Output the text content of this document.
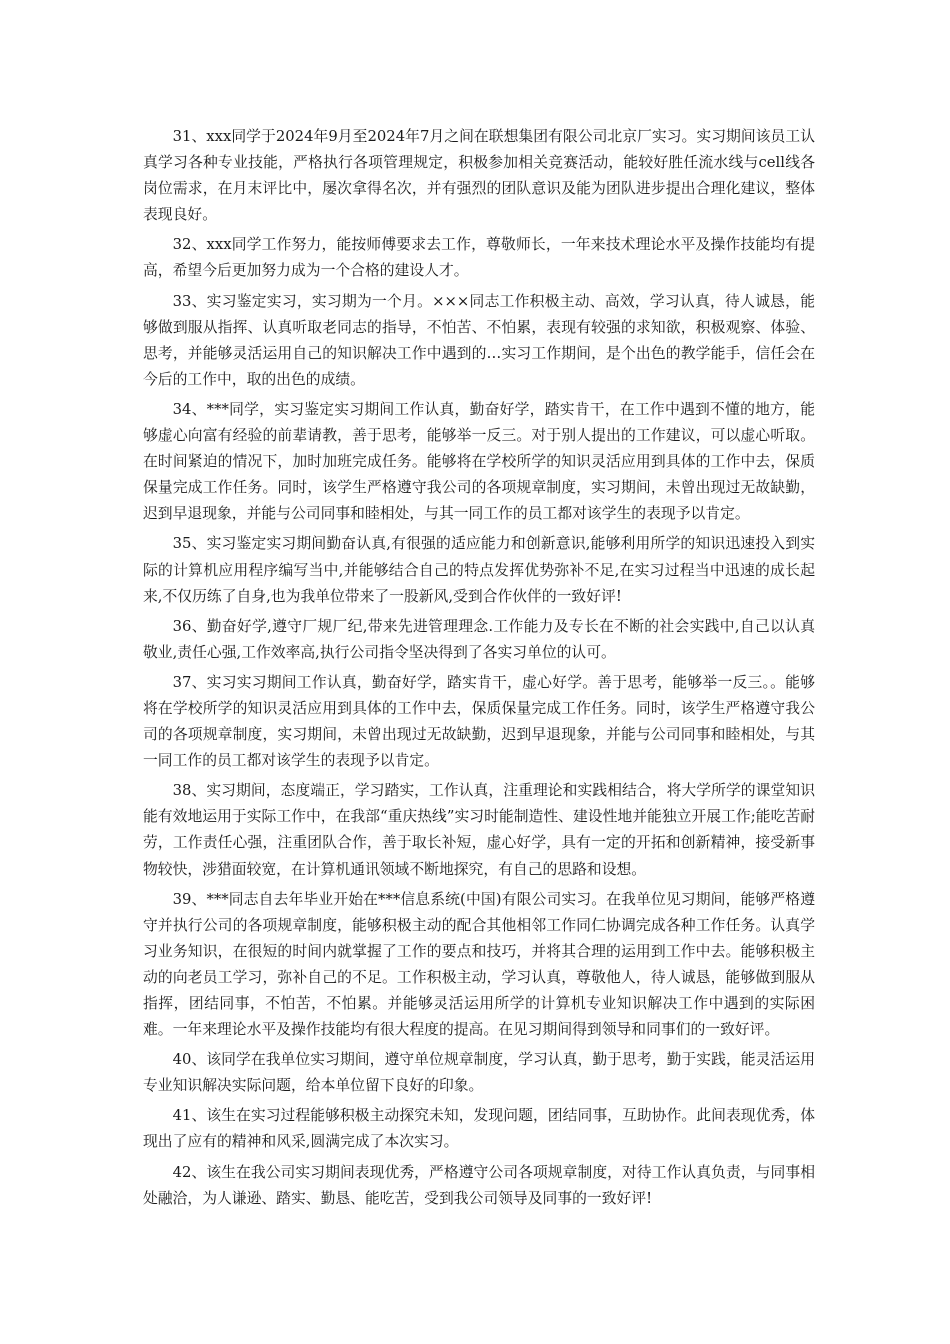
31、xxx同学于2024年9月至2024年7月之间在联想集团有限公司北京厂实习。实习期间该员工认真学习各种专业技能，严格执行各项管理规定，积极参加相关竞赛活动，能较好胜任流水线与cell线各岗位需求，在月末评比中，屡次拿得名次，并有强烈的团队意识及能为团队进步提出合理化建议，整体表现良好。

32、xxx同学工作努力，能按师傅要求去工作，尊敬师长，一年来技术理论水平及操作技能均有提高，希望今后更加努力成为一个合格的建设人才。

33、实习鉴定实习，实习期为一个月。×××同志工作积极主动、高效，学习认真，待人诚恳，能够做到服从指挥、认真听取老同志的指导，不怕苦、不怕累，表现有较强的求知欲，积极观察、体验、思考，并能够灵活运用自己的知识解决工作中遇到的…实习工作期间，是个出色的教学能手，信任会在今后的工作中，取的出色的成绩。

34、***同学，实习鉴定实习期间工作认真，勤奋好学，踏实肯干，在工作中遇到不懂的地方，能够虚心向富有经验的前辈请教，善于思考，能够举一反三。对于别人提出的工作建议，可以虚心听取。在时间紧迫的情况下，加时加班完成任务。能够将在学校所学的知识灵活应用到具体的工作中去，保质保量完成工作任务。同时，该学生严格遵守我公司的各项规章制度，实习期间，未曾出现过无故缺勤，迟到早退现象，并能与公司同事和睦相处，与其一同工作的员工都对该学生的表现予以肯定。

35、实习鉴定实习期间勤奋认真,有很强的适应能力和创新意识,能够利用所学的知识迅速投入到实际的计算机应用程序编写当中,并能够结合自己的特点发挥优势弥补不足,在实习过程当中迅速的成长起来,不仅历练了自身,也为我单位带来了一股新风,受到合作伙伴的一致好评!

36、勤奋好学,遵守厂规厂纪,带来先进管理理念.工作能力及专长在不断的社会实践中,自己以认真敬业,责任心强,工作效率高,执行公司指令坚决得到了各实习单位的认可。

37、实习实习期间工作认真，勤奋好学，踏实肯干，虚心好学。善于思考，能够举一反三。。能够将在学校所学的知识灵活应用到具体的工作中去，保质保量完成工作任务。同时，该学生严格遵守我公司的各项规章制度，实习期间，未曾出现过无故缺勤，迟到早退现象，并能与公司同事和睦相处，与其一同工作的员工都对该学生的表现予以肯定。

38、实习期间，态度端正，学习踏实，工作认真，注重理论和实践相结合，将大学所学的课堂知识能有效地运用于实际工作中，在我部“重庆热线”实习时能制造性、建设性地并能独立开展工作;能吃苦耐劳，工作责任心强，注重团队合作，善于取长补短，虚心好学，具有一定的开拓和创新精神，接受新事物较快，涉猎面较宽，在计算机通讯领域不断地探究，有自己的思路和设想。

39、***同志自去年毕业开始在***信息系统(中国)有限公司实习。在我单位见习期间，能够严格遵守并执行公司的各项规章制度，能够积极主动的配合其他相邻工作同仁协调完成各种工作任务。认真学习业务知识，在很短的时间内就掌握了工作的要点和技巧，并将其合理的运用到工作中去。能够积极主动的向老员工学习，弥补自己的不足。工作积极主动，学习认真，尊敬他人，待人诚恳，能够做到服从指挥，团结同事，不怕苦，不怕累。并能够灵活运用所学的计算机专业知识解决工作中遇到的实际困难。一年来理论水平及操作技能均有很大程度的提高。在见习期间得到领导和同事们的一致好评。

40、该同学在我单位实习期间，遵守单位规章制度，学习认真，勤于思考，勤于实践，能灵活运用专业知识解决实际问题，给本单位留下良好的印象。

41、该生在实习过程能够积极主动探究未知，发现问题，团结同事，互助协作。此间表现优秀，体现出了应有的精神和风采,圆满完成了本次实习。

42、该生在我公司实习期间表现优秀，严格遵守公司各项规章制度，对待工作认真负责，与同事相处融洽，为人谦逊、踏实、勤恳、能吃苦，受到我公司领导及同事的一致好评!
